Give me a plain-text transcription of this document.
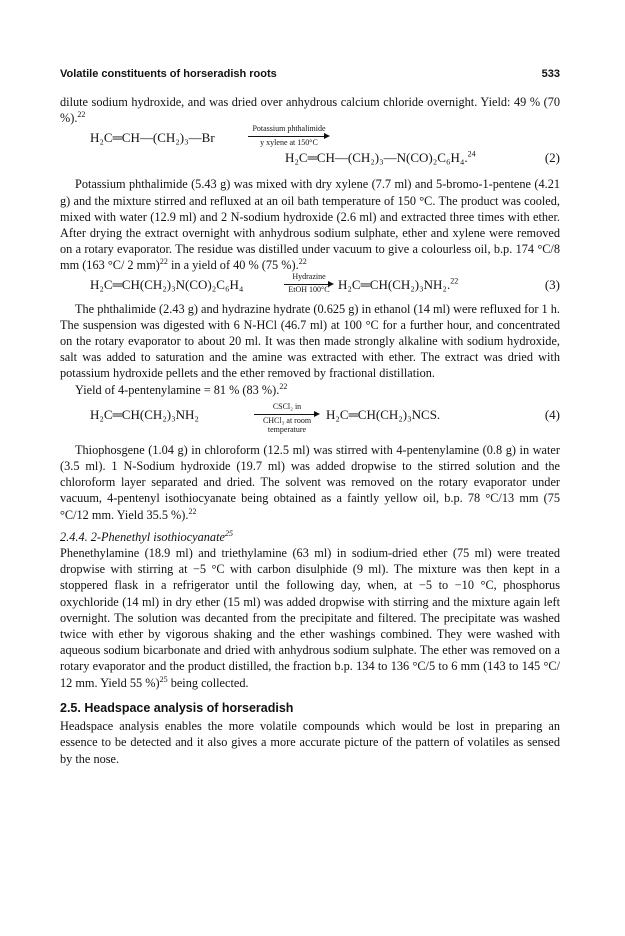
Volatile constituents of horseradish roots	533

dilute sodium hydroxide, and was dried over anhydrous calcium chloride overnight. Yield: 49 % (70 %).$^{22}$

H₂C═CH—(CH₂)₃—Br
Potassium phthalimide
y xylene at 150°C
H₂C═CH—(CH₂)₃—N(CO)₂C₆H₄.$^{24}$	(2)

Potassium phthalimide (5.43 g) was mixed with dry xylene (7.7 ml) and 5-bromo-1-pentene (4.21 g) and the mixture stirred and refluxed at an oil bath temperature of 150 °C. The product was cooled, mixed with water (12.9 ml) and 2 N-sodium hydroxide (2.6 ml) and extracted three times with ether. After drying the extract overnight with anhydrous sodium sulphate, ether and xylene were removed on a rotary evaporator. The residue was distilled under vacuum to give a colourless oil, b.p. 174 °C/8 mm (163 °C/ 2 mm)$^{22}$ in a yield of 40 % (75 %).$^{22}$

H₂C═CH(CH₂)₃N(CO)₂C₆H₄
Hydrazine
EtOH 100°C H₂C═CH(CH₂)₃NH₂.$^{22}$	(3)

The phthalimide (2.43 g) and hydrazine hydrate (0.625 g) in ethanol (14 ml) were refluxed for 1 h. The suspension was digested with 6 N-HCl (46.7 ml) at 100 °C for a further hour, and concentrated on the rotary evaporator to about 20 ml. It was then made strongly alkaline with sodium hydroxide, salt was added to saturation and the amine was extracted with ether. The extract was dried with potassium hydroxide pellets and the ether removed by fractional distillation.

Yield of 4-pentenylamine = 81 % (83 %).$^{22}$

H₂C═CH(CH₂)₃NH₂
CSCl₂ in
CHCl₃ at room
temperature
H₂C═CH(CH₂)₃NCS.	(4)

Thiophosgene (1.04 g) in chloroform (12.5 ml) was stirred with 4-pentenylamine (0.8 g) in water (3.5 ml). 1 N-Sodium hydroxide (19.7 ml) was added dropwise to the stirred solution and the chloroform layer separated and dried. The solvent was removed on the rotary evaporator under vacuum, 4-pentenyl isothiocyanate being obtained as a faintly yellow oil, b.p. 78 °C/13 mm (75 °C/12 mm. Yield 35.5 %).$^{22}$

2.4.4. 2-Phenethyl isothiocyanate$^{25}$

Phenethylamine (18.9 ml) and triethylamine (63 ml) in sodium-dried ether (75 ml) were treated dropwise with stirring at −5 °C with carbon disulphide (9 ml). The mixture was then kept in a stoppered flask in a refrigerator until the following day, when, at −5 to −10 °C, phosphorus oxychloride (14 ml) in dry ether (15 ml) was added dropwise with stirring and the mixture again left overnight. The solution was decanted from the precipitate and filtered. The precipitate was washed twice with ether by vigorous shaking and the ether washings combined. They were washed with aqueous sodium bicarbonate and dried with anhydrous sodium sulphate. The ether was removed on a rotary evaporator and the product distilled, the fraction b.p. 134 to 136 °C/5 to 6 mm (143 to 145 °C/ 12 mm. Yield 55 %)$^{25}$ being collected.

2.5. Headspace analysis of horseradish

Headspace analysis enables the more volatile compounds which would be lost in preparing an essence to be detected and it also gives a more accurate picture of the pattern of volatiles as sensed by the nose.
